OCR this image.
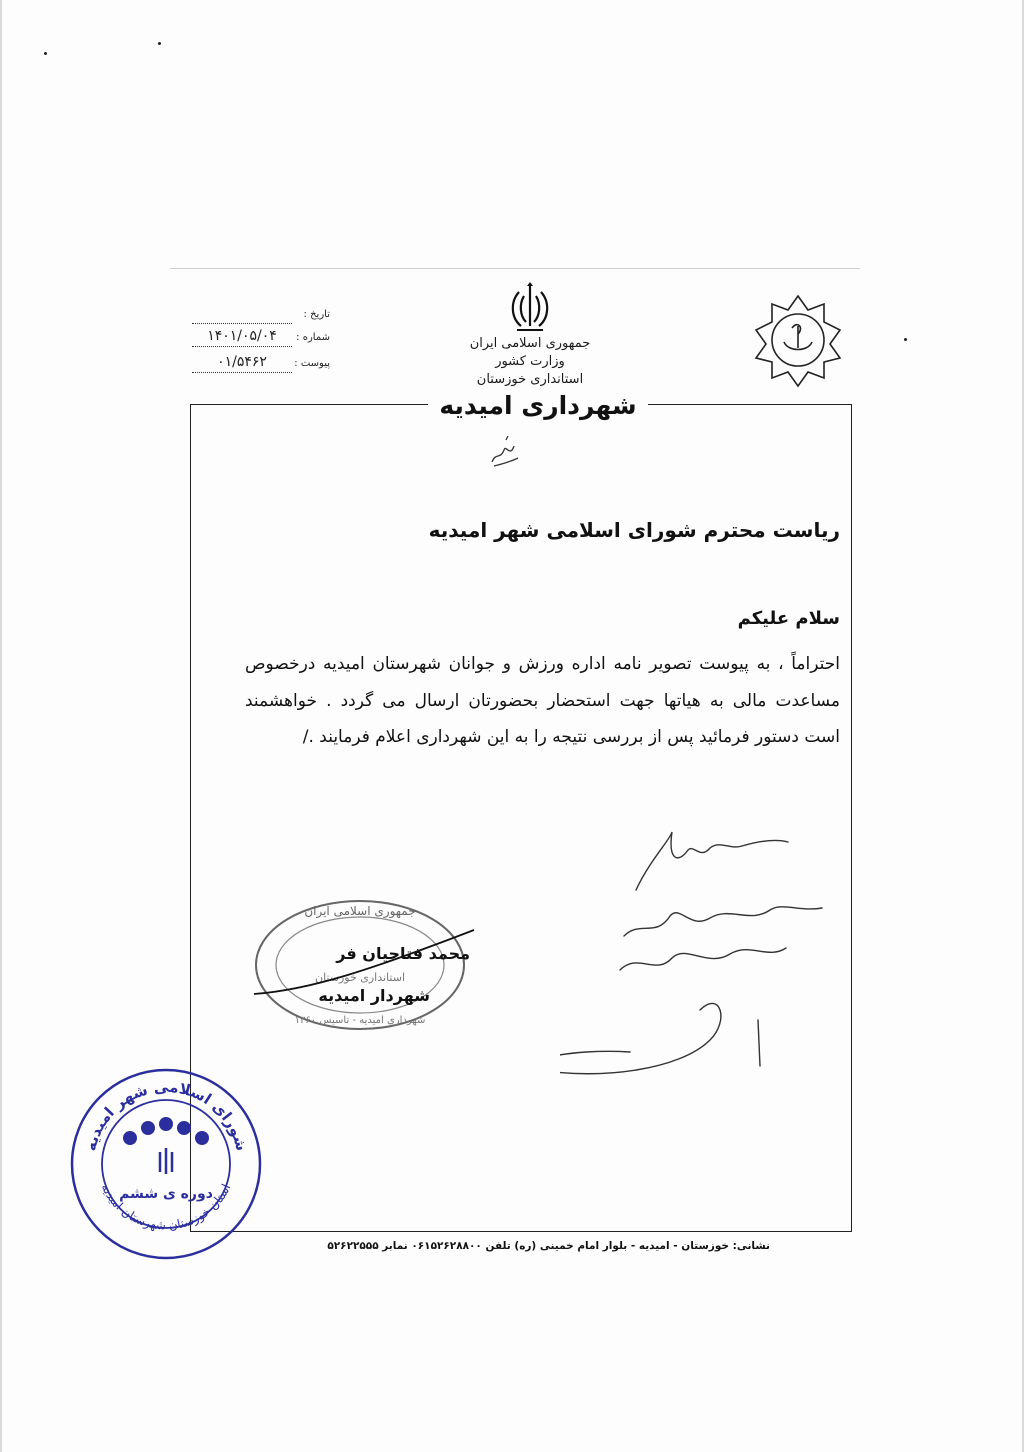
تاریخ :
شماره :
۱۴۰۱/۰۵/۰۴
پیوست :
۰۱/۵۴۶۲
جمهوری اسلامی ایران
وزارت کشور
استانداری خوزستان
شهرداری امیدیه
ریاست محترم شورای اسلامی شهر امیدیه
سلام علیکم
احتراماً ، به پیوست تصویر نامه اداره ورزش و جوانان شهرستان امیدیه درخصوص مساعدت مالی به هیاتها جهت استحضار بحضورتان ارسال می گردد . خواهشمند است دستور فرمائید پس از بررسی نتیجه را به این شهرداری اعلام فرمایند ./
جمهوری اسلامی ایران
استانداری خوزستان
شهرداری امیدیه - تاسیس ۱۳۶۰
محمد فتاحیان فر
شهردار امیدیه
شورای اسلامی شهر امیدیه
استان خوزستان شهرستان امیدیه
دوره ی ششم
نشانی: خوزستان - امیدیه - بلوار امام خمینی (ره) تلفن ۰۶۱۵۲۶۲۸۸۰۰ نمابر ۵۲۶۲۲۵۵۵
